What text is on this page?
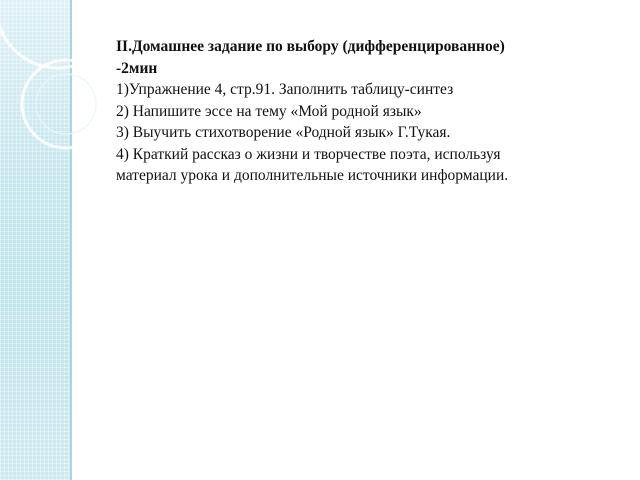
II.Домашнее задание по выбору (дифференцированное)
-2мин
1)Упражнение 4, стр.91. Заполнить таблицу-синтез
2) Напишите эссе на тему «Мой родной язык»
3) Выучить стихотворение «Родной язык» Г.Тукая.
4) Краткий рассказ о жизни и творчестве поэта, используя
материал урока и дополнительные источники информации.
